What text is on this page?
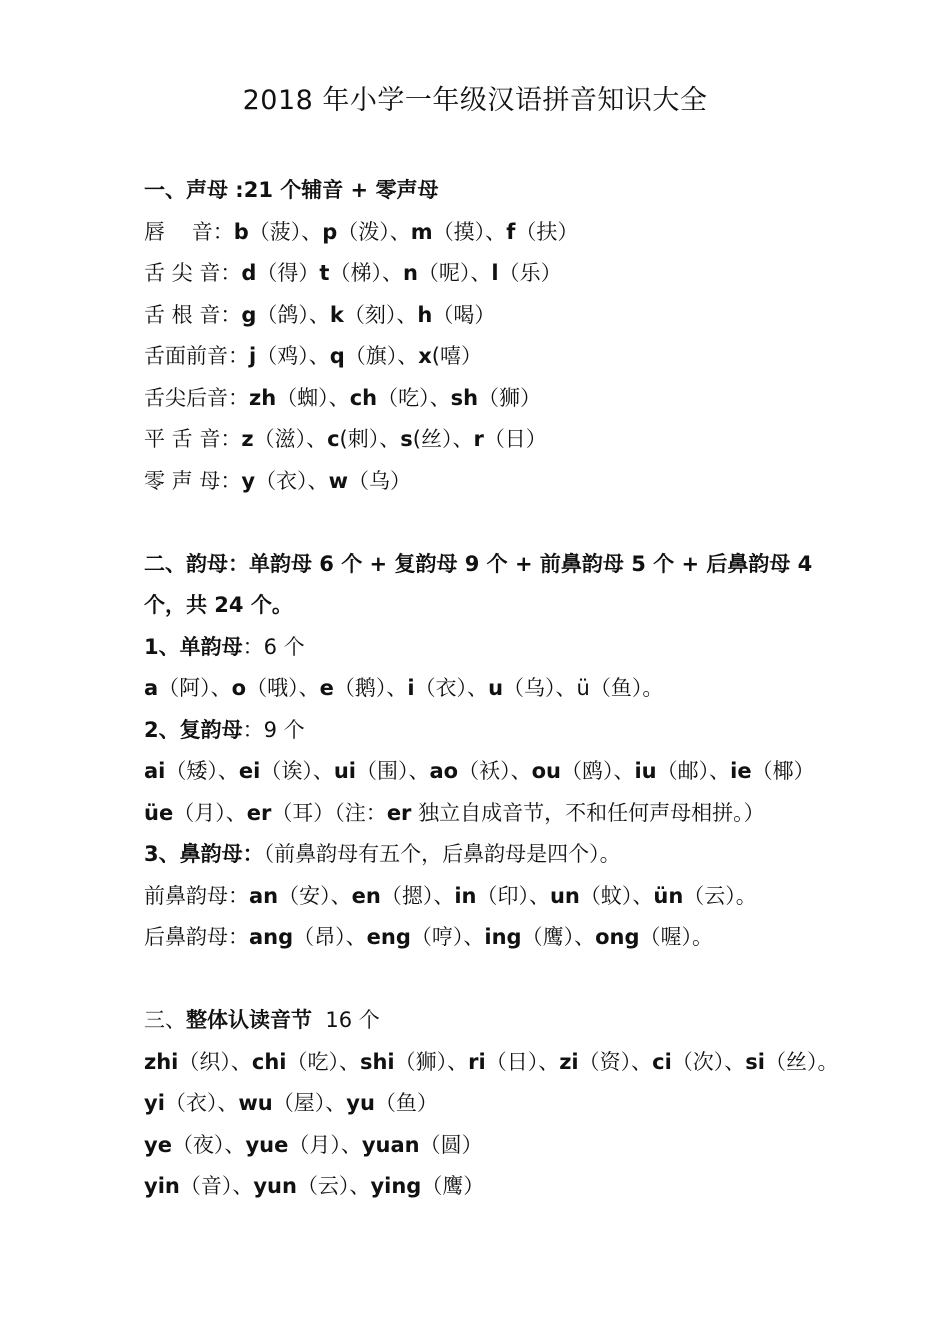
2018 年小学一年级汉语拼音知识大全
一、声母 :21 个辅音 + 零声母
唇    音：b（菠）、p（泼）、m（摸）、f（扶）
舌 尖 音：d（得）t（梯）、n（呢）、l（乐）
舌 根 音：g（鸽）、k（刻）、h（喝）
舌面前音：j（鸡）、q（旗）、x(嘻）
舌尖后音：zh（蜘）、ch（吃）、sh（狮）
平 舌 音：z（滋）、c(刺）、s(丝）、r（日）
零 声 母：y（衣）、w（乌）
二、韵母：单韵母 6 个 + 复韵母 9 个 + 前鼻韵母 5 个 + 后鼻韵母 4
个，共 24 个。
1、单韵母：6 个
a（阿）、o（哦）、e（鹅）、i（衣）、u（乌）、ü（鱼）。
2、复韵母：9 个
ai（矮）、ei（诶）、ui（围）、ao（袄）、ou（鸥）、iu（邮）、ie（椰）
üe（月）、er（耳）（注：er 独立自成音节，不和任何声母相拼。）
3、鼻韵母：（前鼻韵母有五个，后鼻韵母是四个）。
前鼻韵母：an（安）、en（摁）、in（印）、un（蚊）、ün（云）。
后鼻韵母：ang（昂）、eng（哼）、ing（鹰）、ong（喔）。
三、整体认读音节  16 个
zhi（织）、chi（吃）、shi（狮）、ri（日）、zi（资）、ci（次）、si（丝）。
yi（衣）、wu（屋）、yu（鱼）
ye（夜）、yue（月）、yuan（圆）
yin（音）、yun（云）、ying（鹰）
